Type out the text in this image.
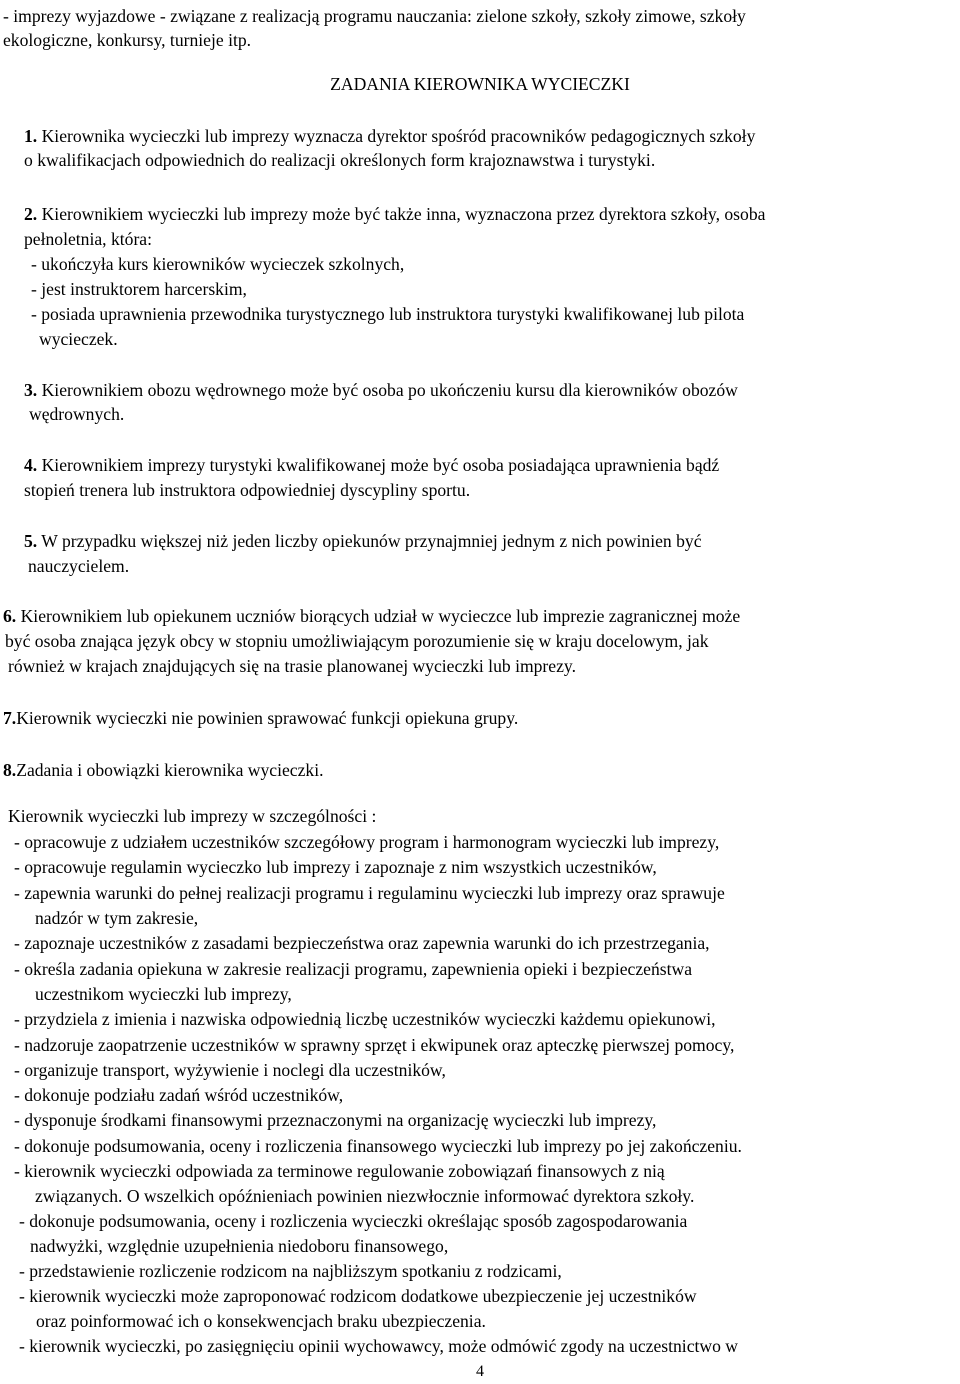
- imprezy wyjazdowe - związane z realizacją programu nauczania: zielone szkoły, szkoły zimowe, szkoły
ekologiczne, konkursy, turnieje itp.
ZADANIA KIEROWNIKA WYCIECZKI
1. Kierownika wycieczki lub imprezy wyznacza dyrektor spośród pracowników pedagogicznych szkoły
o kwalifikacjach odpowiednich do realizacji określonych form krajoznawstwa i turystyki.
2. Kierownikiem wycieczki lub imprezy może być także inna, wyznaczona przez dyrektora szkoły, osoba
pełnoletnia, która:
- ukończyła kurs kierowników wycieczek szkolnych,
- jest instruktorem harcerskim,
- posiada uprawnienia przewodnika turystycznego lub instruktora turystyki kwalifikowanej lub pilota
wycieczek.
3. Kierownikiem obozu wędrownego może być osoba po ukończeniu kursu dla kierowników obozów
wędrownych.
4. Kierownikiem imprezy turystyki kwalifikowanej może być osoba posiadająca uprawnienia bądź
stopień trenera lub instruktora odpowiedniej dyscypliny sportu.
5. W przypadku większej niż jeden liczby opiekunów przynajmniej jednym z nich powinien być
nauczycielem.
6. Kierownikiem lub opiekunem uczniów biorących udział w wycieczce lub imprezie zagranicznej może
być osoba znająca język obcy w stopniu umożliwiającym porozumienie się w kraju docelowym, jak
również w krajach znajdujących się na trasie planowanej wycieczki lub imprezy.
7.Kierownik wycieczki nie powinien sprawować funkcji opiekuna grupy.
8.Zadania i obowiązki kierownika wycieczki.
Kierownik wycieczki lub imprezy w szczególności :
- opracowuje z udziałem uczestników szczegółowy program i harmonogram wycieczki lub imprezy,
- opracowuje regulamin wycieczko lub imprezy i zapoznaje z nim wszystkich uczestników,
- zapewnia warunki do pełnej realizacji programu i regulaminu wycieczki lub imprezy oraz sprawuje
nadzór w tym zakresie,
- zapoznaje uczestników z zasadami bezpieczeństwa oraz zapewnia warunki do ich przestrzegania,
- określa zadania opiekuna w zakresie realizacji programu, zapewnienia opieki i bezpieczeństwa
uczestnikom wycieczki lub imprezy,
- przydziela z imienia i nazwiska odpowiednią liczbę uczestników wycieczki każdemu opiekunowi,
- nadzoruje zaopatrzenie uczestników w sprawny sprzęt i ekwipunek oraz apteczkę pierwszej pomocy,
- organizuje transport, wyżywienie i noclegi dla uczestników,
- dokonuje podziału zadań wśród uczestników,
- dysponuje środkami finansowymi przeznaczonymi na organizację wycieczki lub imprezy,
- dokonuje podsumowania, oceny i rozliczenia finansowego wycieczki lub imprezy po jej zakończeniu.
- kierownik wycieczki odpowiada za terminowe regulowanie zobowiązań finansowych z nią
związanych. O wszelkich opóźnieniach powinien niezwłocznie informować dyrektora szkoły.
- dokonuje podsumowania, oceny i rozliczenia wycieczki określając sposób zagospodarowania
nadwyżki, względnie uzupełnienia niedoboru finansowego,
- przedstawienie rozliczenie rodzicom na najbliższym spotkaniu z rodzicami,
- kierownik wycieczki może zaproponować rodzicom dodatkowe ubezpieczenie jej uczestników
oraz poinformować ich o konsekwencjach braku ubezpieczenia.
- kierownik wycieczki, po zasięgnięciu opinii wychowawcy, może odmówić zgody na uczestnictwo w
4
